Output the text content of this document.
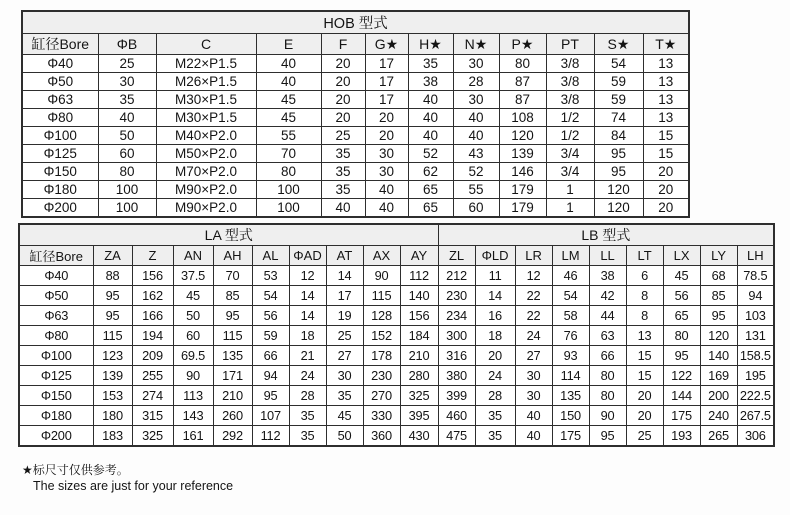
HOB 型式											
缸径Bore	ΦB	C	E	F	G★	H★	N★	P★	PT	S★	T★
Φ40	25	M22×P1.5	40	20	17	35	30	80	3/8	54	13
Φ50	30	M26×P1.5	40	20	17	38	28	87	3/8	59	13
Φ63	35	M30×P1.5	45	20	17	40	30	87	3/8	59	13
Φ80	40	M30×P1.5	45	20	20	40	40	108	1/2	74	13
Φ100	50	M40×P2.0	55	25	20	40	40	120	1/2	84	15
Φ125	60	M50×P2.0	70	35	30	52	43	139	3/4	95	15
Φ150	80	M70×P2.0	80	35	30	62	52	146	3/4	95	20
Φ180	100	M90×P2.0	100	35	40	65	55	179	1	120	20
Φ200	100	M90×P2.0	100	40	40	65	60	179	1	120	20
LA 型式										LB 型式								
缸径Bore	ZA	Z	AN	AH	AL	ΦAD	AT	AX	AY	ZL	ΦLD	LR	LM	LL	LT	LX	LY	LH
Φ40	88	156	37.5	70	53	12	14	90	112	212	11	12	46	38	6	45	68	78.5
Φ50	95	162	45	85	54	14	17	115	140	230	14	22	54	42	8	56	85	94
Φ63	95	166	50	95	56	14	19	128	156	234	16	22	58	44	8	65	95	103
Φ80	115	194	60	115	59	18	25	152	184	300	18	24	76	63	13	80	120	131
Φ100	123	209	69.5	135	66	21	27	178	210	316	20	27	93	66	15	95	140	158.5
Φ125	139	255	90	171	94	24	30	230	280	380	24	30	114	80	15	122	169	195
Φ150	153	274	113	210	95	28	35	270	325	399	28	30	135	80	20	144	200	222.5
Φ180	180	315	143	260	107	35	45	330	395	460	35	40	150	90	20	175	240	267.5
Φ200	183	325	161	292	112	35	50	360	430	475	35	40	175	95	25	193	265	306
★标尺寸仅供参考。
The sizes are just for your reference
